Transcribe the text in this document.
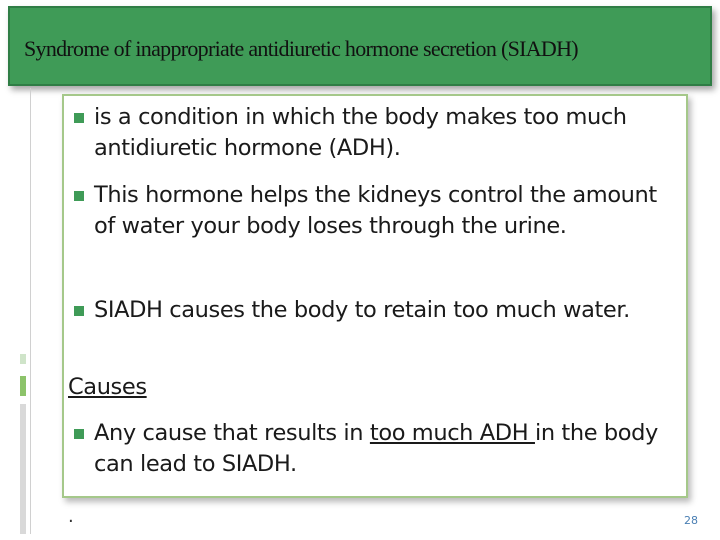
Syndrome of inappropriate antidiuretic hormone secretion (SIADH)
is a condition in which the body makes too much antidiuretic hormone (ADH).
This hormone helps the kidneys control the amount of water your body loses through the urine.
SIADH causes the body to retain too much water.
Causes
Any cause that results in too much ADH in the body can lead to SIADH.
.	28
